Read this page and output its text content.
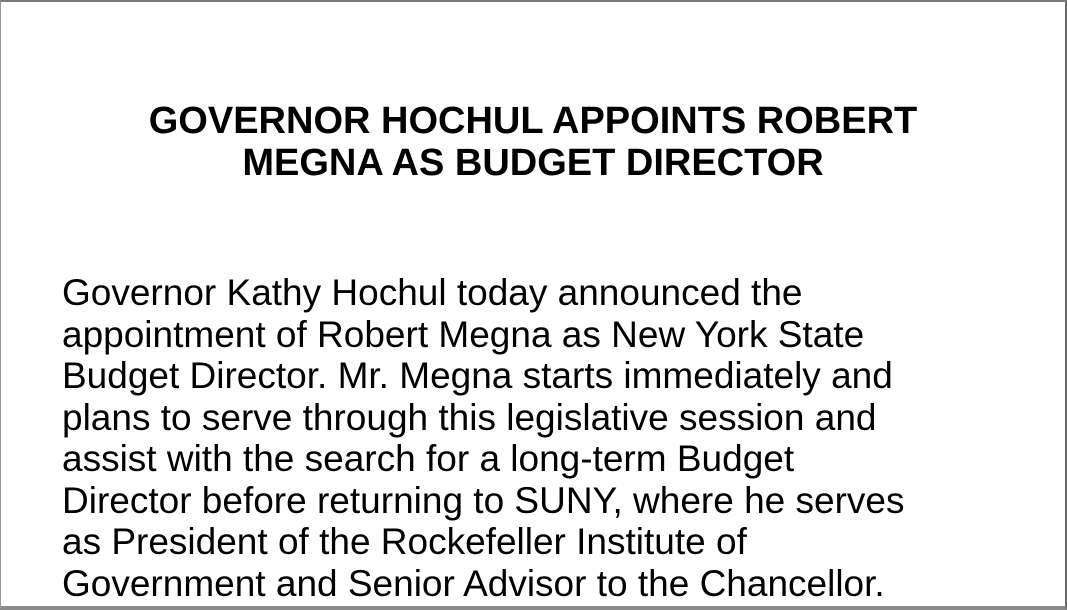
GOVERNOR HOCHUL APPOINTS ROBERT
MEGNA AS BUDGET DIRECTOR

Governor Kathy Hochul today announced the
appointment of Robert Megna as New York State
Budget Director. Mr. Megna starts immediately and
plans to serve through this legislative session and
assist with the search for a long-term Budget
Director before returning to SUNY, where he serves
as President of the Rockefeller Institute of
Government and Senior Advisor to the Chancellor.
